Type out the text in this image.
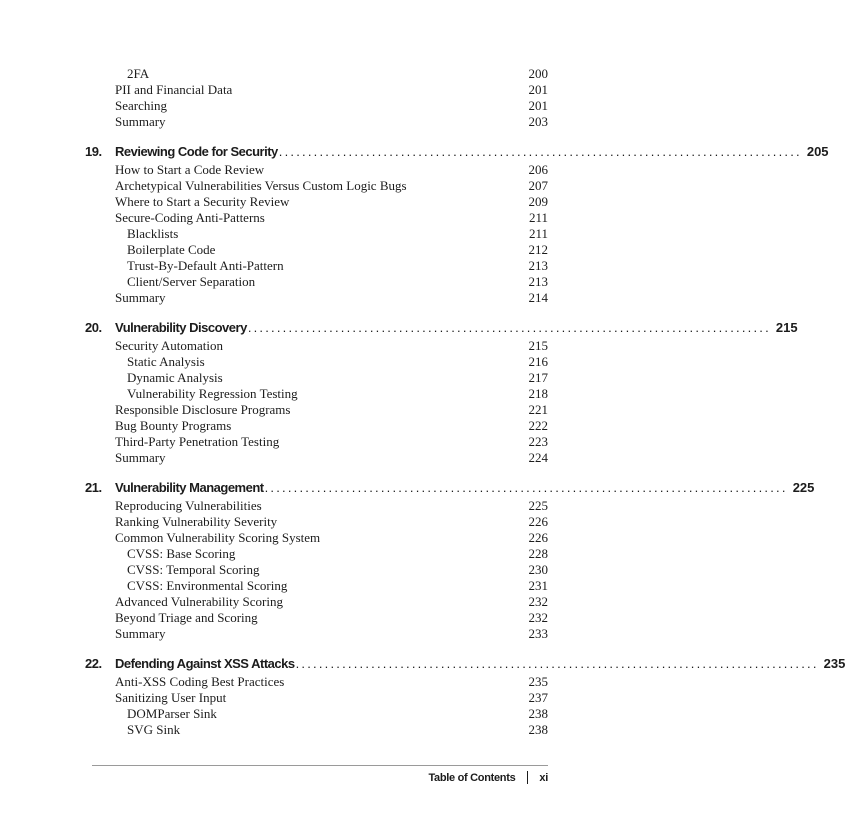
2FA	200
PII and Financial Data	201
Searching	201
Summary	203
19.	Reviewing Code for Security .......................................................................................... 205
How to Start a Code Review	206
Archetypical Vulnerabilities Versus Custom Logic Bugs	207
Where to Start a Security Review	209
Secure-Coding Anti-Patterns	211
Blacklists	211
Boilerplate Code	212
Trust-By-Default Anti-Pattern	213
Client/Server Separation	213
Summary	214
20.	Vulnerability Discovery .......................................................................................... 215
Security Automation	215
Static Analysis	216
Dynamic Analysis	217
Vulnerability Regression Testing	218
Responsible Disclosure Programs	221
Bug Bounty Programs	222
Third-Party Penetration Testing	223
Summary	224
21.	Vulnerability Management .......................................................................................... 225
Reproducing Vulnerabilities	225
Ranking Vulnerability Severity	226
Common Vulnerability Scoring System	226
CVSS: Base Scoring	228
CVSS: Temporal Scoring	230
CVSS: Environmental Scoring	231
Advanced Vulnerability Scoring	232
Beyond Triage and Scoring	232
Summary	233
22.	Defending Against XSS Attacks .......................................................................................... 235
Anti-XSS Coding Best Practices	235
Sanitizing User Input	237
DOMParser Sink	238
SVG Sink	238
Table of Contents xi
